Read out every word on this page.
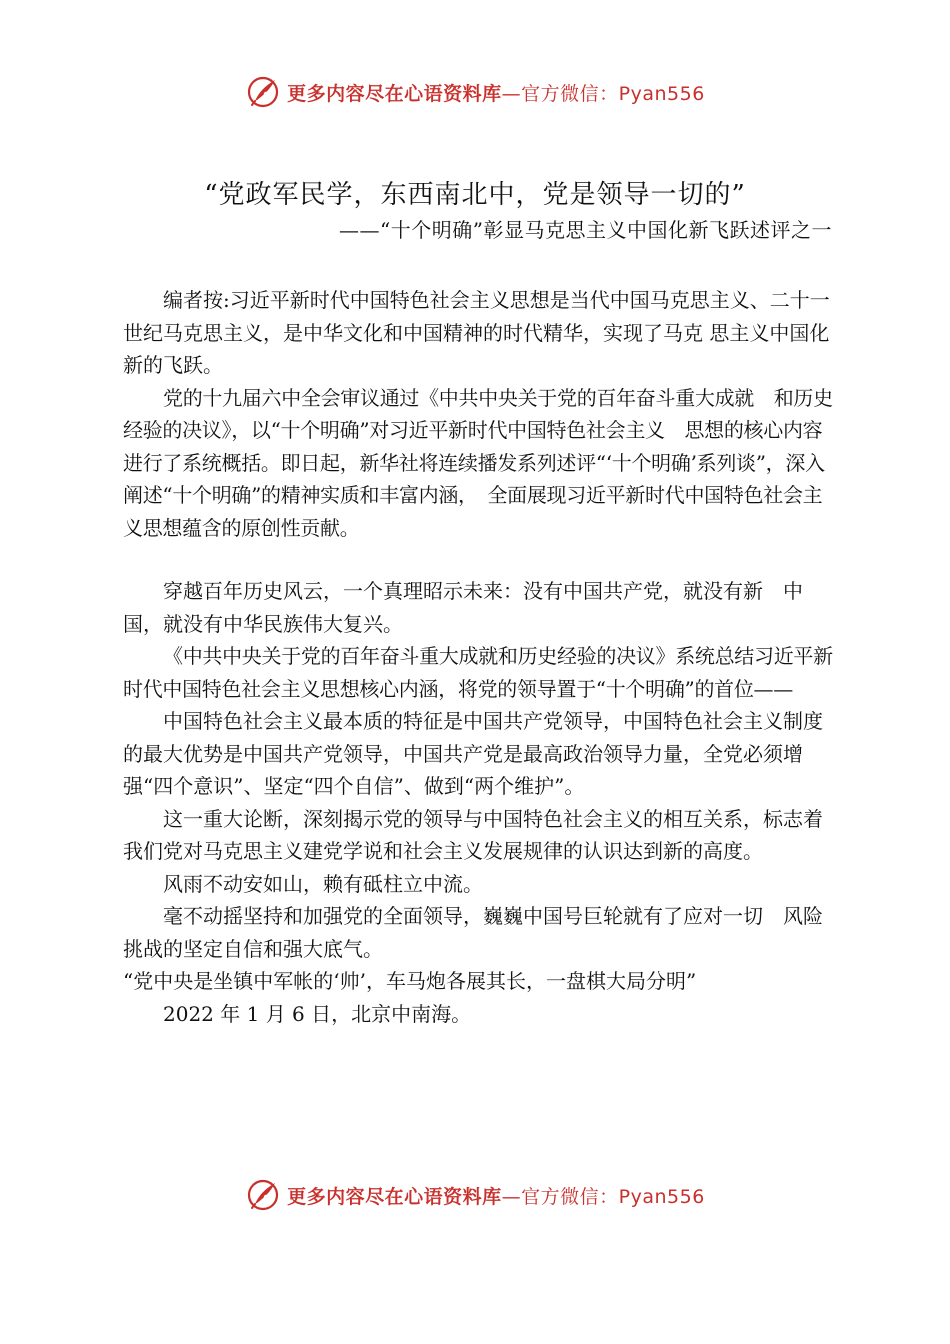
更多内容尽在心语资料库—官方微信：Pyan556
“党政军民学，东西南北中，党是领导一切的”
——“十个明确”彰显马克思主义中国化新飞跃述评之一

编者按:习近平新时代中国特色社会主义思想是当代中国马克思主义、二十一世纪马克思主义，是中华文化和中国精神的时代精华，实现了马克 思主义中国化新的飞跃。

党的十九届六中全会审议通过《中共中央关于党的百年奋斗重大成就　和历史经验的决议》，以“十个明确”对习近平新时代中国特色社会主义　思想的核心内容进行了系统概括。即日起，新华社将连续播发系列述评“‘十个明确’系列谈”，深入阐述“十个明确”的精神实质和丰富内涵，　全面展现习近平新时代中国特色社会主义思想蕴含的原创性贡献。

穿越百年历史风云，一个真理昭示未来：没有中国共产党，就没有新　中国，就没有中华民族伟大复兴。

《中共中央关于党的百年奋斗重大成就和历史经验的决议》系统总结习近平新时代中国特色社会主义思想核心内涵，将党的领导置于“十个明确”的首位——

中国特色社会主义最本质的特征是中国共产党领导，中国特色社会主义制度的最大优势是中国共产党领导，中国共产党是最高政治领导力量，全党必须增强“四个意识”、坚定“四个自信”、做到“两个维护”。

这一重大论断，深刻揭示党的领导与中国特色社会主义的相互关系，标志着我们党对马克思主义建党学说和社会主义发展规律的认识达到新的高度。

风雨不动安如山，赖有砥柱立中流。

毫不动摇坚持和加强党的全面领导，巍巍中国号巨轮就有了应对一切　风险挑战的坚定自信和强大底气。

“党中央是坐镇中军帐的‘帅’，车马炮各展其长，一盘棋大局分明”

2022 年 1 月 6 日，北京中南海。

更多内容尽在心语资料库—官方微信：Pyan556
